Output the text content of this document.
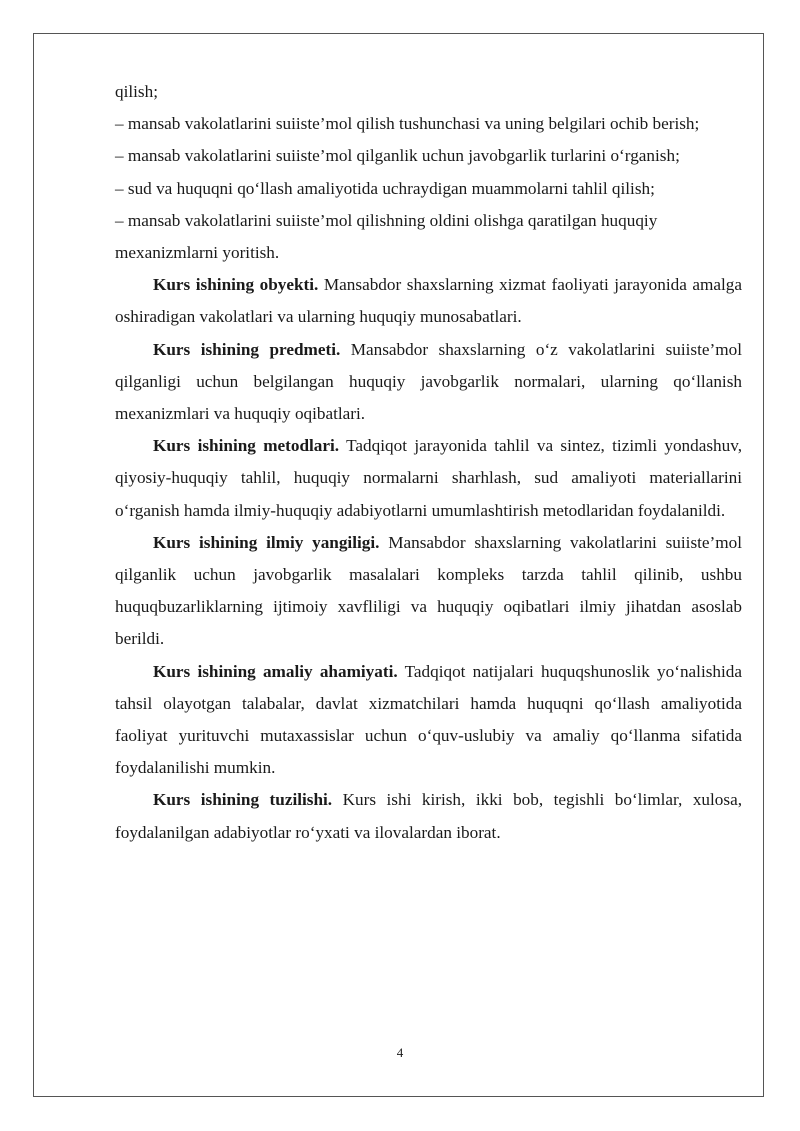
qilish;

– mansab vakolatlarini suiiste’mol qilish tushunchasi va uning belgilari ochib berish;

– mansab vakolatlarini suiiste’mol qilganlik uchun javobgarlik turlarini o‘rganish;

– sud va huquqni qo‘llash amaliyotida uchraydigan muammolarni tahlil qilish;

– mansab vakolatlarini suiiste’mol qilishning oldini olishga qaratilgan huquqiy mexanizmlarni yoritish.

Kurs ishining obyekti. Mansabdor shaxslarning xizmat faoliyati jarayonida amalga oshiradigan vakolatlari va ularning huquqiy munosabatlari.

Kurs ishining predmeti. Mansabdor shaxslarning o‘z vakolatlarini suiiste’mol qilganligi uchun belgilangan huquqiy javobgarlik normalari, ularning qo‘llanish mexanizmlari va huquqiy oqibatlari.

Kurs ishining metodlari. Tadqiqot jarayonida tahlil va sintez, tizimli yondashuv, qiyosiy-huquqiy tahlil, huquqiy normalarni sharhlash, sud amaliyoti materiallarini o‘rganish hamda ilmiy-huquqiy adabiyotlarni umumlashtirish metodlaridan foydalanildi.

Kurs ishining ilmiy yangiligi. Mansabdor shaxslarning vakolatlarini suiiste’mol qilganlik uchun javobgarlik masalalari kompleks tarzda tahlil qilinib, ushbu huquqbuzarliklarning ijtimoiy xavfliligi va huquqiy oqibatlari ilmiy jihatdan asoslab berildi.

Kurs ishining amaliy ahamiyati. Tadqiqot natijalari huquqshunoslik yo‘nalishida tahsil olayotgan talabalar, davlat xizmatchilari hamda huquqni qo‘llash amaliyotida faoliyat yurituvchi mutaxassislar uchun o‘quv-uslubiy va amaliy qo‘llanma sifatida foydalanilishi mumkin.

Kurs ishining tuzilishi. Kurs ishi kirish, ikki bob, tegishli bo‘limlar, xulosa, foydalanilgan adabiyotlar ro‘yxati va ilovalardan iborat.

4
